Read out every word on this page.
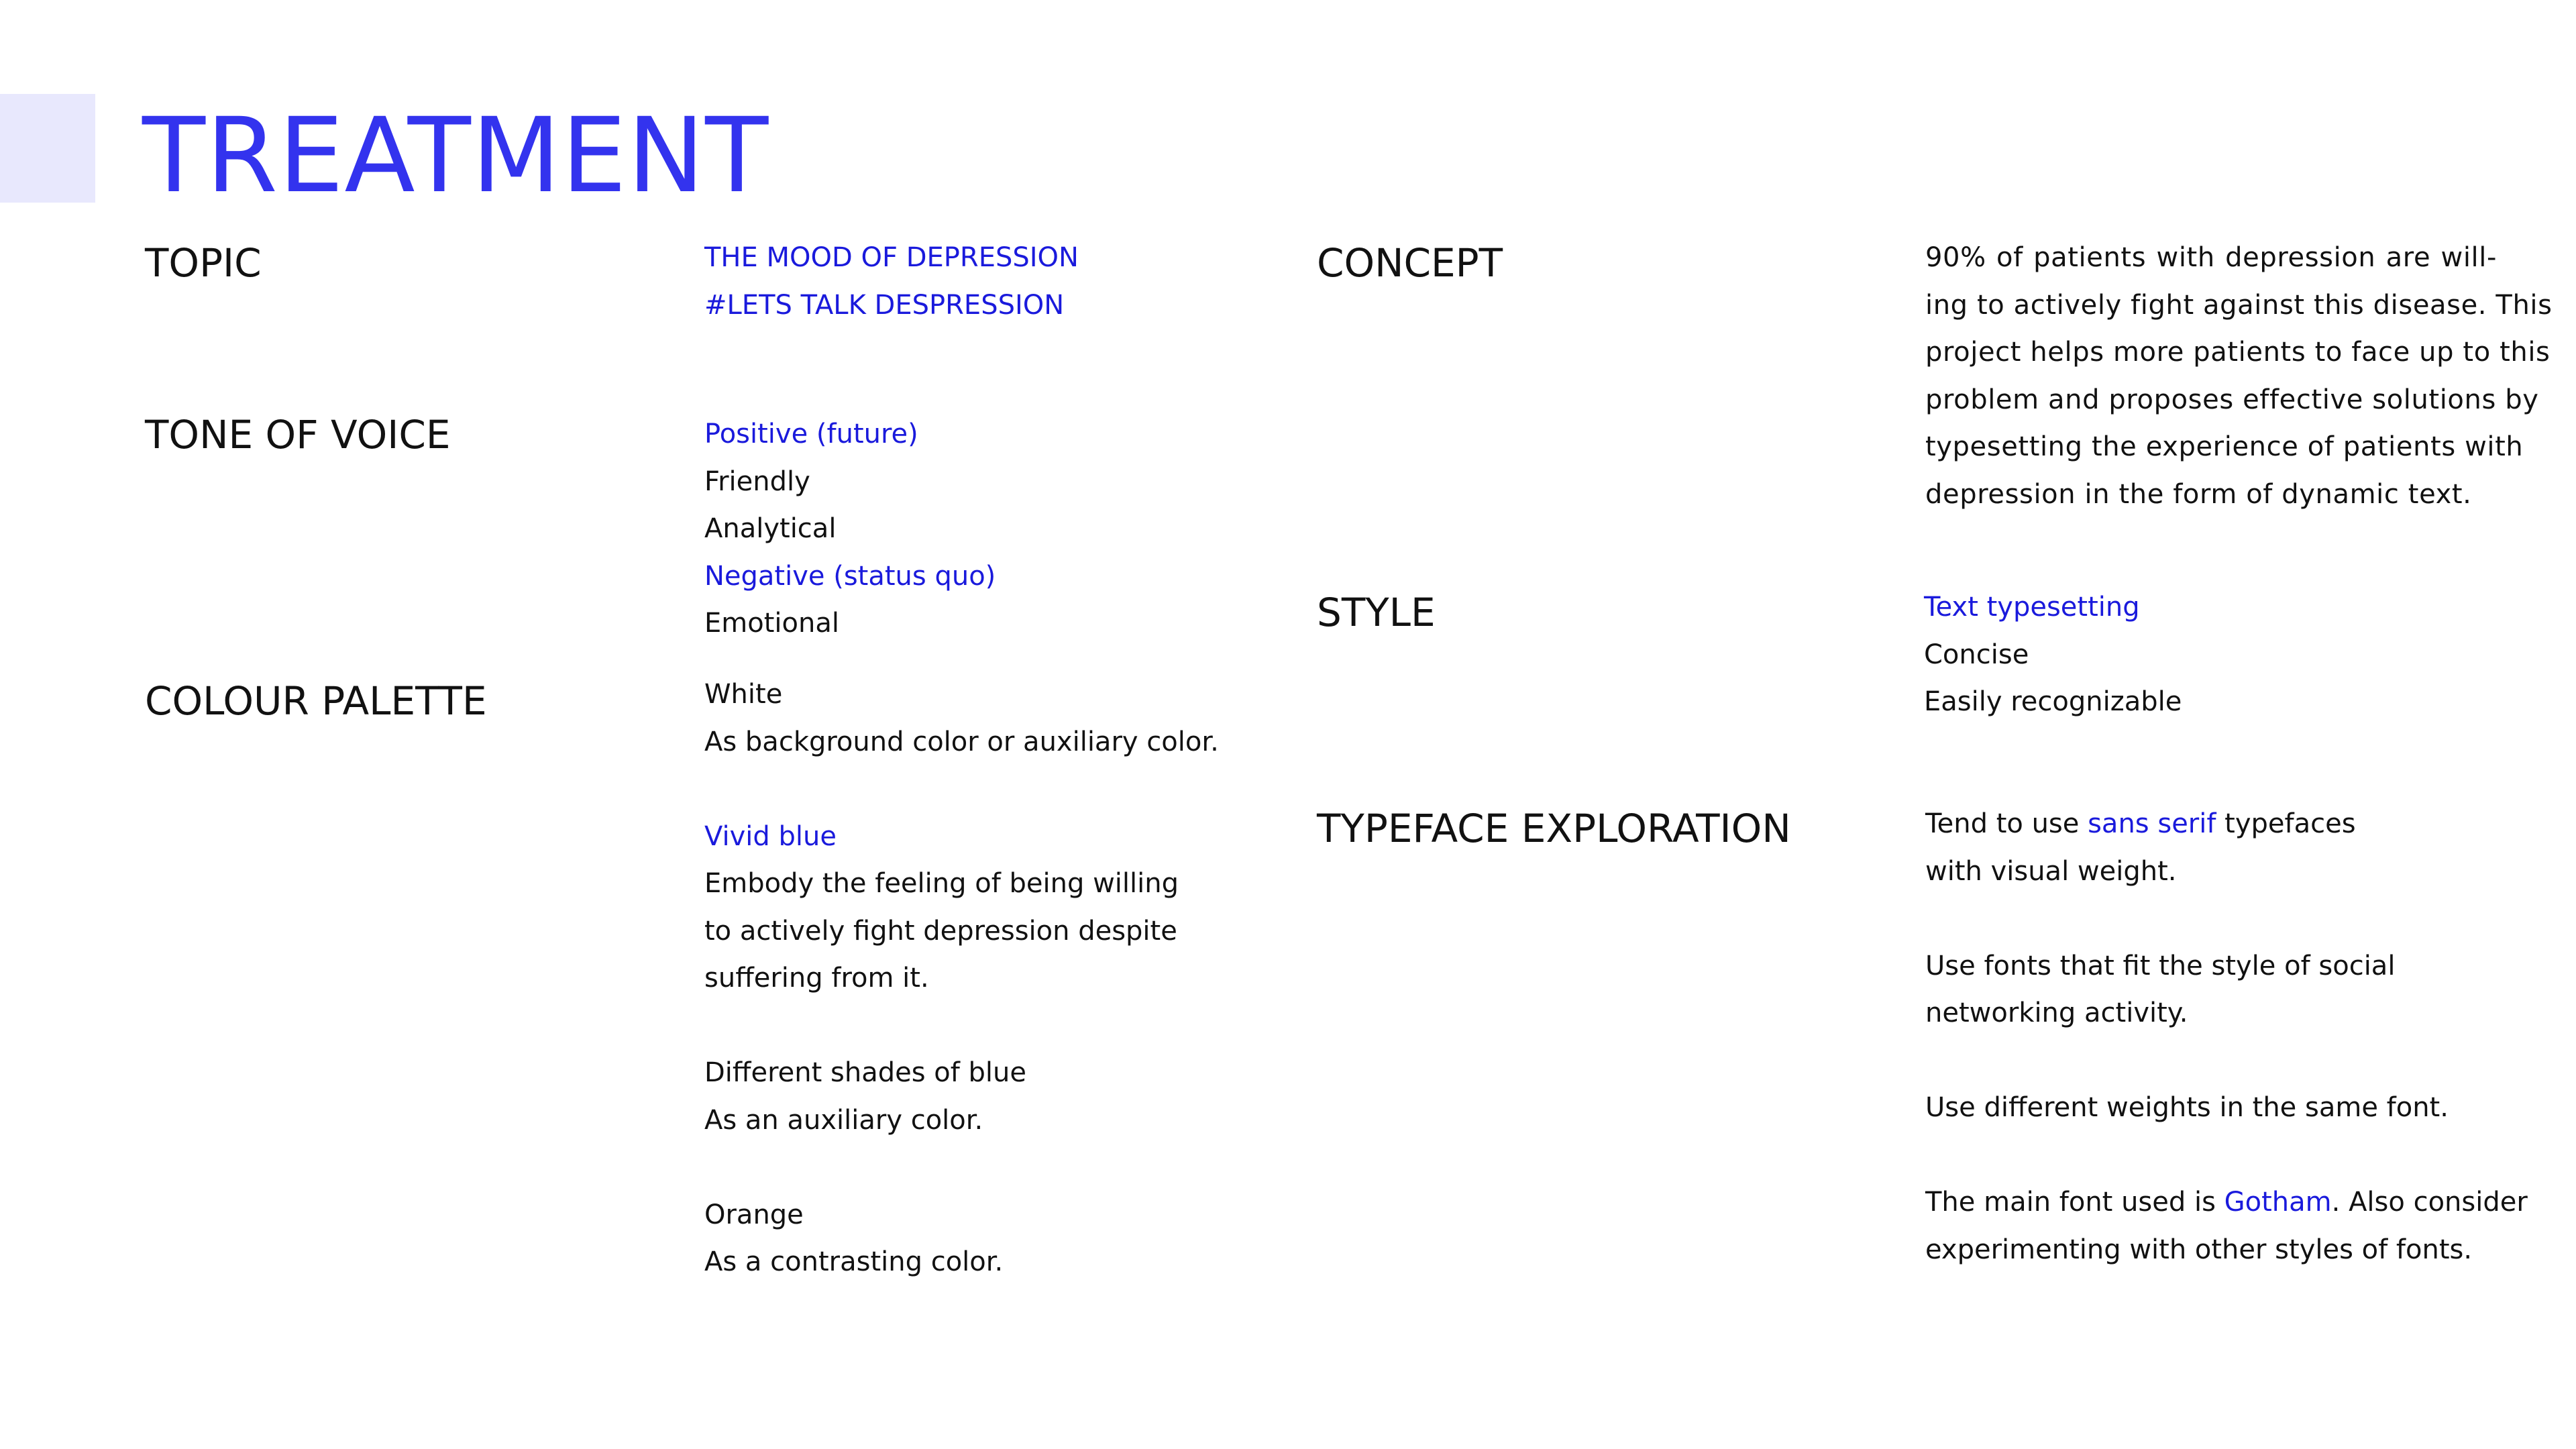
TREATMENT
TOPIC	THE MOOD OF DEPRESSION
#LETS TALK DESPRESSION
TONE OF VOICE	Positive (future)
Friendly
Analytical
Negative (status quo)
Emotional
COLOUR PALETTE	White
As background color or auxiliary color.
Vivid blue
Embody the feeling of being willing
to actively fight depression despite
suffering from it.
Different shades of blue
As an auxiliary color.
Orange
As a contrasting color.
CONCEPT	90% of patients with depression are will-
ing to actively fight against this disease. This
project helps more patients to face up to this
problem and proposes effective solutions by
typesetting the experience of patients with
depression in the form of dynamic text.
STYLE	Text typesetting
Concise
Easily recognizable
TYPEFACE EXPLORATION	Tend to use sans serif typefaces
with visual weight.
Use fonts that fit the style of social
networking activity.
Use different weights in the same font.
The main font used is Gotham. Also consider
experimenting with other styles of fonts.
